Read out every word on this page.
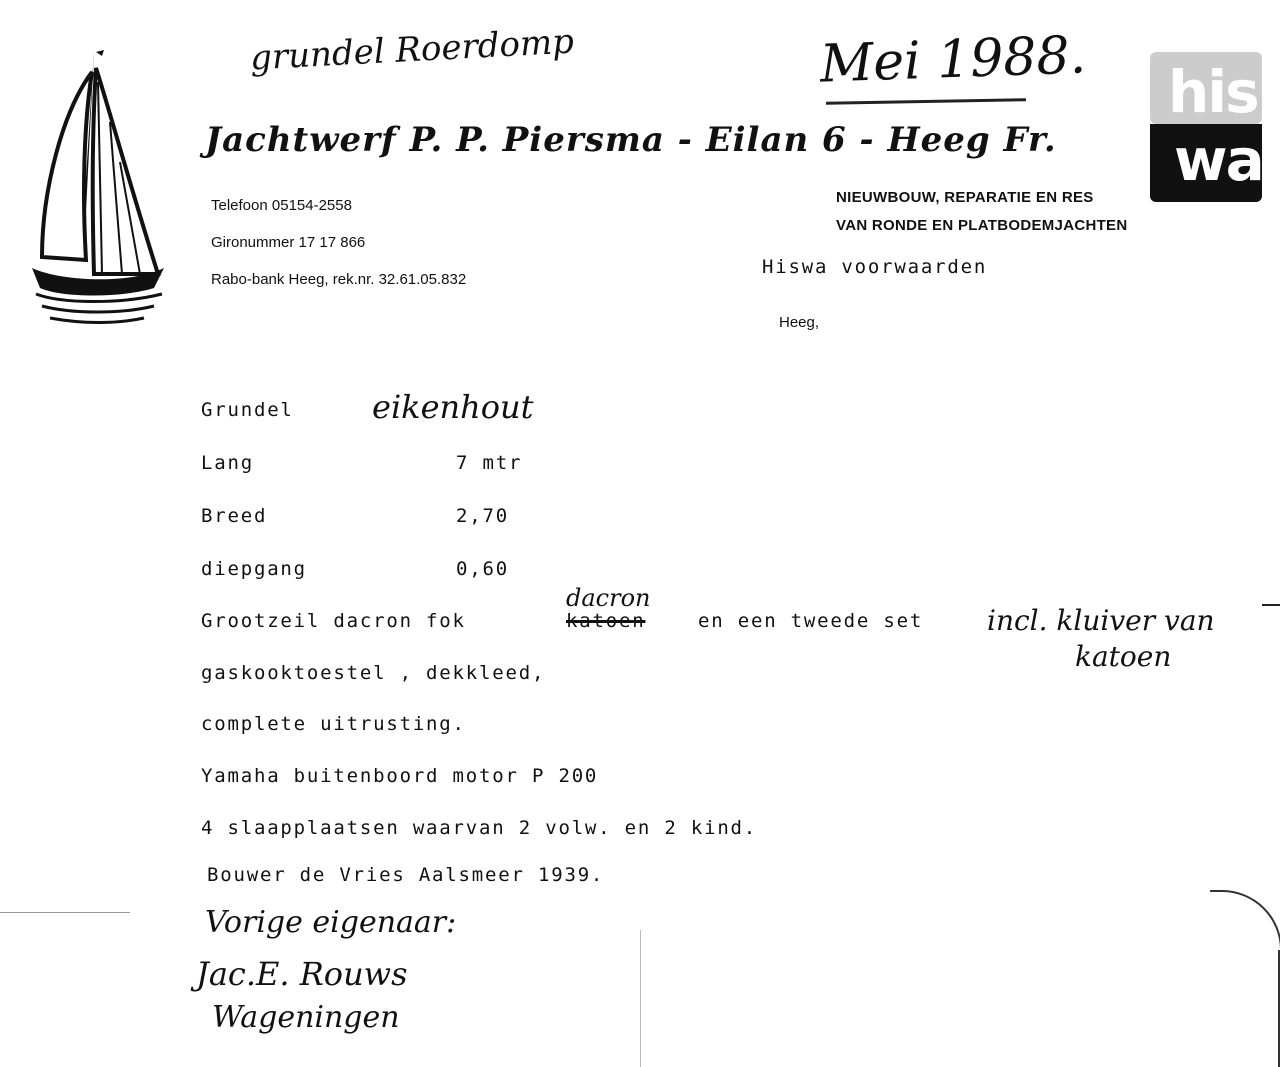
grundel Roerdomp	Mei 1988. his
wa
Jachtwerf P. P. Piersma - Eilan 6 - Heeg Fr.
Telefoon 05154-2558
Gironummer 17 17 866
Rabo-bank Heeg, rek.nr. 32.61.05.832
NIEUWBOUW, REPARATIE EN RES
VAN RONDE EN PLATBODEMJACHTEN
Hiswa voorwaarden
Heeg,
Grundel eikenhout
Lang	7 mtr
Breed	2,70
diepgang	0,60
dacron
Grootzeil dacron fok	katoen	en een tweede set incl. kluiver van
katoen
gaskooktoestel , dekkleed,
complete uitrusting.
Yamaha buitenboord motor P 200
4 slaapplaatsen waarvan 2 volw. en 2 kind.
Bouwer de Vries Aalsmeer 1939.
Vorige eigenaar:
Jac.E. Rouws
Wageningen
